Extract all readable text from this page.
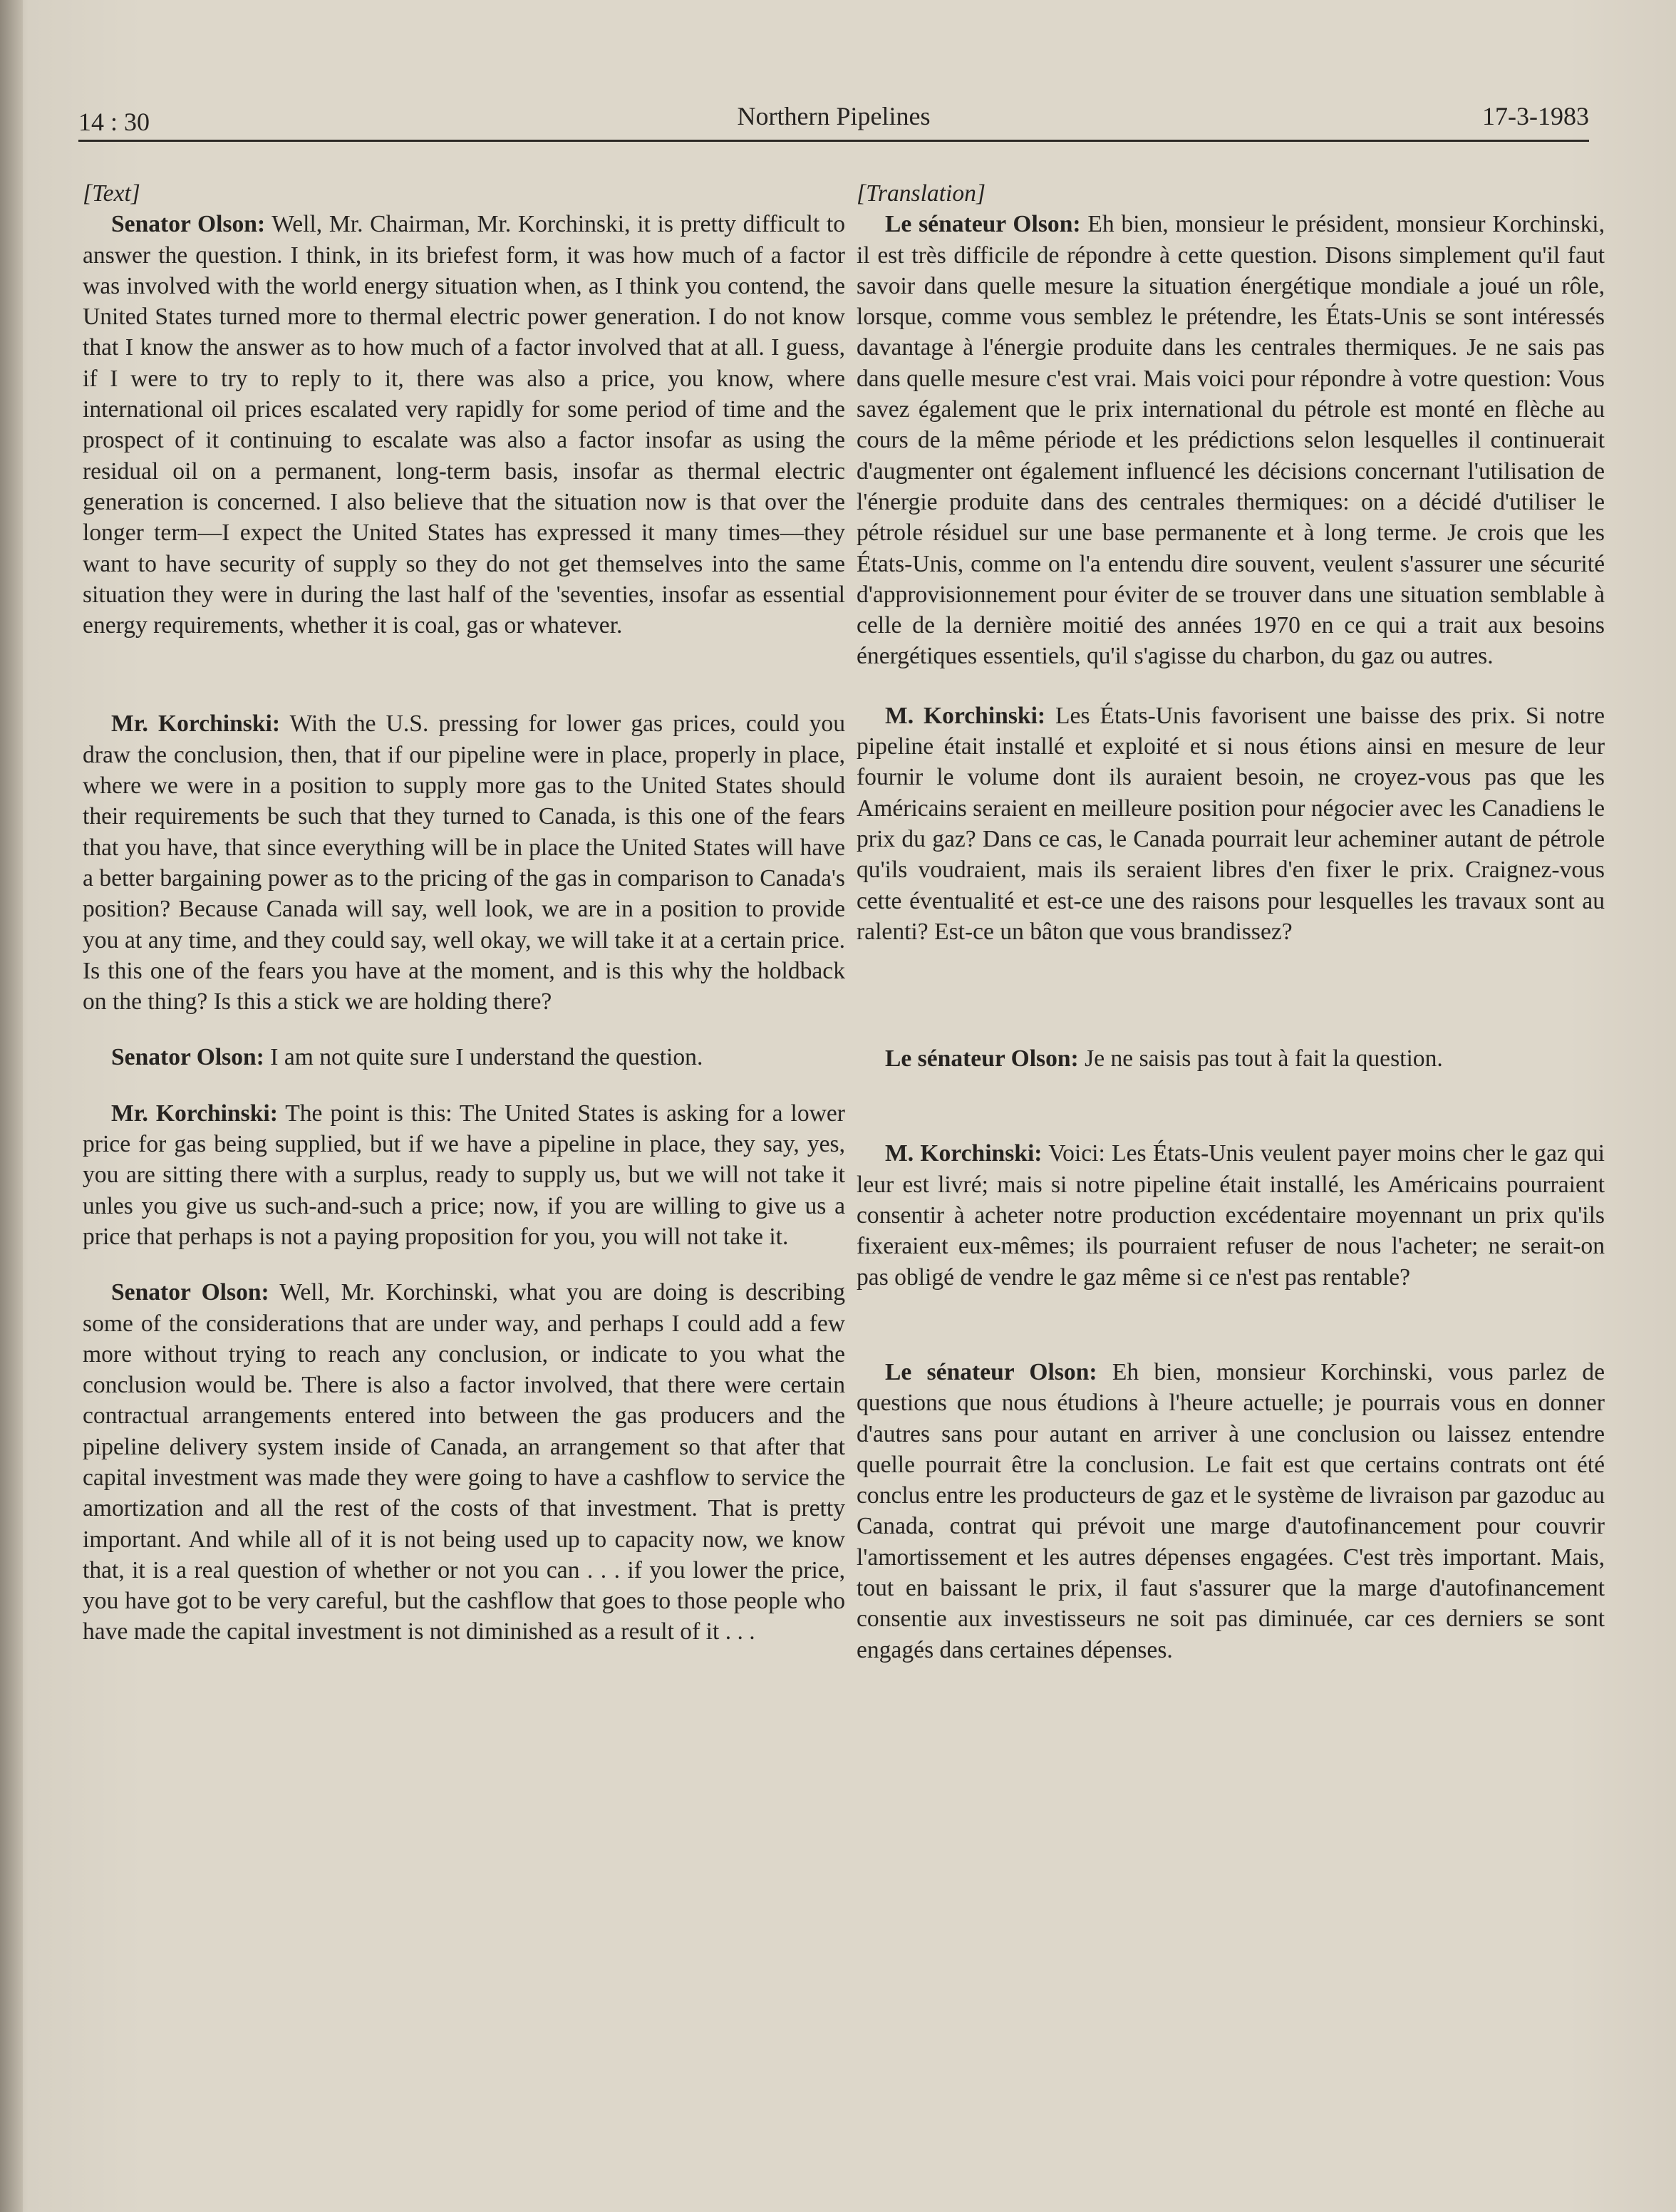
14 : 30	Northern Pipelines	17-3-1983

[Text]

Senator Olson: Well, Mr. Chairman, Mr. Korchinski, it is pretty difficult to answer the question. I think, in its briefest form, it was how much of a factor was involved with the world energy situation when, as I think you contend, the United States turned more to thermal electric power generation. I do not know that I know the answer as to how much of a factor involved that at all. I guess, if I were to try to reply to it, there was also a price, you know, where international oil prices escalated very rapidly for some period of time and the prospect of it continuing to escalate was also a factor insofar as using the residual oil on a permanent, long-term basis, insofar as thermal electric generation is concerned. I also believe that the situation now is that over the longer term—I expect the United States has expressed it many times—they want to have security of supply so they do not get themselves into the same situation they were in during the last half of the 'seventies, insofar as essential energy requirements, whether it is coal, gas or whatever.

Mr. Korchinski: With the U.S. pressing for lower gas prices, could you draw the conclusion, then, that if our pipeline were in place, properly in place, where we were in a position to supply more gas to the United States should their requirements be such that they turned to Canada, is this one of the fears that you have, that since everything will be in place the United States will have a better bargaining power as to the pricing of the gas in comparison to Canada's position? Because Canada will say, well look, we are in a position to provide you at any time, and they could say, well okay, we will take it at a certain price. Is this one of the fears you have at the moment, and is this why the holdback on the thing? Is this a stick we are holding there?

Senator Olson: I am not quite sure I understand the question.

Mr. Korchinski: The point is this: The United States is asking for a lower price for gas being supplied, but if we have a pipeline in place, they say, yes, you are sitting there with a surplus, ready to supply us, but we will not take it unles you give us such-and-such a price; now, if you are willing to give us a price that perhaps is not a paying proposition for you, you will not take it.

Senator Olson: Well, Mr. Korchinski, what you are doing is describing some of the considerations that are under way, and perhaps I could add a few more without trying to reach any conclusion, or indicate to you what the conclusion would be. There is also a factor involved, that there were certain contractual arrangements entered into between the gas producers and the pipeline delivery system inside of Canada, an arrangement so that after that capital investment was made they were going to have a cashflow to service the amortization and all the rest of the costs of that investment. That is pretty important. And while all of it is not being used up to capacity now, we know that, it is a real question of whether or not you can . . . if you lower the price, you have got to be very careful, but the cashflow that goes to those people who have made the capital investment is not diminished as a result of it . . .

[Translation]

Le sénateur Olson: Eh bien, monsieur le président, monsieur Korchinski, il est très difficile de répondre à cette question. Disons simplement qu'il faut savoir dans quelle mesure la situation énergétique mondiale a joué un rôle, lorsque, comme vous semblez le prétendre, les États-Unis se sont intéressés davantage à l'énergie produite dans les centrales thermiques. Je ne sais pas dans quelle mesure c'est vrai. Mais voici pour répondre à votre question: Vous savez également que le prix international du pétrole est monté en flèche au cours de la même période et les prédictions selon lesquelles il continuerait d'augmenter ont également influencé les décisions concernant l'utilisation de l'énergie produite dans des centrales thermiques: on a décidé d'utiliser le pétrole résiduel sur une base permanente et à long terme. Je crois que les États-Unis, comme on l'a entendu dire souvent, veulent s'assurer une sécurité d'approvisionnement pour éviter de se trouver dans une situation semblable à celle de la dernière moitié des années 1970 en ce qui a trait aux besoins énergétiques essentiels, qu'il s'agisse du charbon, du gaz ou autres.

M. Korchinski: Les États-Unis favorisent une baisse des prix. Si notre pipeline était installé et exploité et si nous étions ainsi en mesure de leur fournir le volume dont ils auraient besoin, ne croyez-vous pas que les Américains seraient en meilleure position pour négocier avec les Canadiens le prix du gaz? Dans ce cas, le Canada pourrait leur acheminer autant de pétrole qu'ils voudraient, mais ils seraient libres d'en fixer le prix. Craignez-vous cette éventualité et est-ce une des raisons pour lesquelles les travaux sont au ralenti? Est-ce un bâton que vous brandissez?

Le sénateur Olson: Je ne saisis pas tout à fait la question.

M. Korchinski: Voici: Les États-Unis veulent payer moins cher le gaz qui leur est livré; mais si notre pipeline était installé, les Américains pourraient consentir à acheter notre production excédentaire moyennant un prix qu'ils fixeraient eux-mêmes; ils pourraient refuser de nous l'acheter; ne serait-on pas obligé de vendre le gaz même si ce n'est pas rentable?

Le sénateur Olson: Eh bien, monsieur Korchinski, vous parlez de questions que nous étudions à l'heure actuelle; je pourrais vous en donner d'autres sans pour autant en arriver à une conclusion ou laissez entendre quelle pourrait être la conclusion. Le fait est que certains contrats ont été conclus entre les producteurs de gaz et le système de livraison par gazoduc au Canada, contrat qui prévoit une marge d'autofinancement pour couvrir l'amortissement et les autres dépenses engagées. C'est très important. Mais, tout en baissant le prix, il faut s'assurer que la marge d'autofinancement consentie aux investisseurs ne soit pas diminuée, car ces derniers se sont engagés dans certaines dépenses.
